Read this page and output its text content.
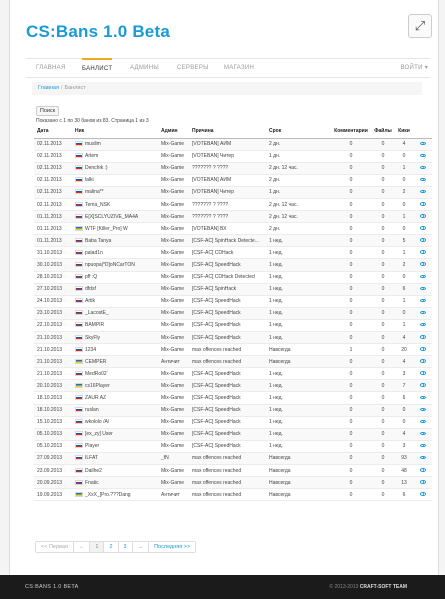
CS:Bans 1.0 Beta	⤢
ГЛАВНАЯ	БАНЛИСТ	АДМИНЫ	СЕРВЕРЫ	МАГАЗИН	ВОЙТИ ▾
Главная / Банлист
Поиск
Показано с 1 по 30 банов из 83. Страница 1 из 3
Дата	Ник	Админ	Причина	Срок	Комментарии	Файлы	Кики	
02.11.2013	muslim	Mix-Game	[VOTEBAN] АИМ	2 дн.	0	0	4	
02.11.2013	Artem	Mix-Game	[VOTEBAN] Читер	1 дн.	0	0	0	
02.11.2013	Denchik :)	Mix-Game	??????? ? ????	2 дн. 12 час.	0	0	1	
02.11.2013	lalki	Mix-Game	[VOTEBAN] АИМ	2 дн.	0	0	0	
02.11.2013	malina**	Mix-Game	[VOTEBAN] Читер	1 дн.	0	0	2	
02.11.2013	Tema_NSK	Mix-Game	??????? ? ????	2 дн. 12 час.	0	0	0	
01.11.2013	E[X]SCLYUZIVE_MA4A	Mix-Game	??????? ? ????	2 дн. 12 час.	0	0	1	
01.11.2013	WTF [Killer_Pro] W	Mix-Game	[VOTEBAN] ВХ	2 дн.	0	0	0	
01.11.2013	Baba Tanya	Mix-Game	[CSF-AC] SpinHack Detecte...	1 нед.	0	0	5	
31.10.2013	palad1n	Mix-Game	[CSF-AC] CDHack	1 нед.	0	0	1	
30.10.2013	npuopa|*D]oNCarTON	Mix-Game	[CSF-AC] SpeedHack	1 нед.	0	0	2	
28.10.2013	pff :Q	Mix-Game	[CSF-AC] CDHack Detected	1 нед.	0	0	0	
27.10.2013	dfdsf	Mix-Game	[CSF-AC] SpinHack	1 нед.	0	0	6	
24.10.2013	Artik	Mix-Game	[CSF-AC] SpeedHack	1 нед.	0	0	1	
23.10.2013	_LacostE_	Mix-Game	[CSF-AC] SpeedHack	1 нед.	0	0	0	
22.10.2013	BAMPIR	Mix-Game	[CSF-AC] SpeedHack	1 нед.	0	0	1	
21.10.2013	SkyFly	Mix-Game	[CSF-AC] SpeedHack	1 нед.	0	0	4	
21.10.2013	1234	Mix-Game	max offences reached	Навсегда	1	0	20	
21.10.2013	CEMPER	Античит	max offences reached	Навсегда	0	0	4	
21.10.2013	MedRo02`	Mix-Game	[CSF-AC] SpeedHack	1 нед.	0	0	3	
20.10.2013	cs16Player	Mix-Game	[CSF-AC] SpeedHack	1 нед.	0	0	7	
18.10.2013	ZAUR AZ	Mix-Game	[CSF-AC] SpeedHack	1 нед.	0	0	6	
18.10.2013	ruslan	Mix-Game	[CSF-AC] SpeedHack	1 нед.	0	0	0	
15.10.2013	wkololo /A/	Mix-Game	[CSF-AC] SpeedHack	1 нед.	0	0	0	
05.10.2013	[ex_zy] User	Mix-Game	[CSF-AC] SpeedHack	1 нед.	0	0	4	
05.10.2013	Player	Mix-Game	[CSF-AC] SpeedHack	1 нед.	0	0	3	
27.09.2013	ILFAT	_fN	max offences reached	Навсегда	0	0	93	
23.09.2013	Dailhe2	Mix-Game	max offences reached	Навсегда	0	0	48	
20.09.2013	Fnatic	Mix-Game	max offences reached	Навсегда	0	0	13	
19.09.2013	_XxX_[Pro.???Dang	Античит	max offences reached	Навсегда	0	0	6	
<< Первая	←	1	2	3	→	Последняя >>
CS:BANS 1.0 BETA	© 2013-2013 CRAFT-SOFT TEAM
